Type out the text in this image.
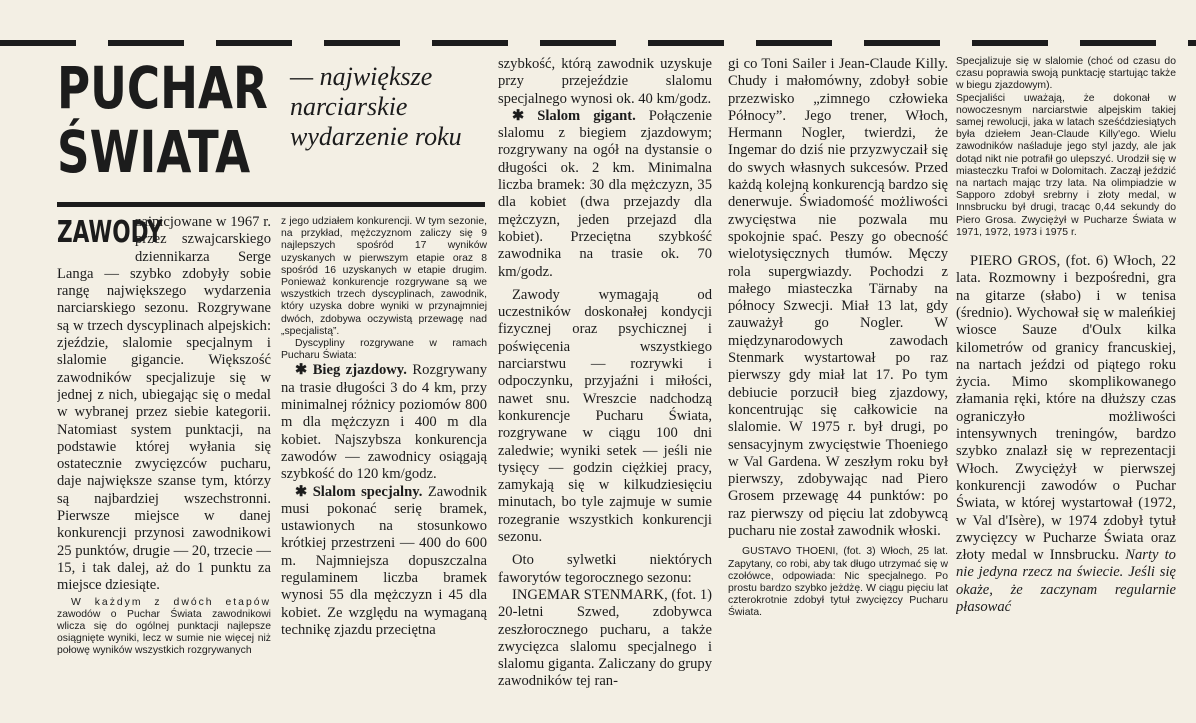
PUCHAR
ŚWIATA
— największe narciarskie wydarzenie roku

ZAWODY
zainicjowane w 1967 r. przez szwajcarskiego dziennikarza Serge Langa — szybko zdobyły sobie rangę największego wydarzenia narciarskiego sezonu. Rozgrywane są w trzech dyscyplinach alpejskich: zjeździe, slalomie specjalnym i slalomie gigancie. Większość zawodników specjalizuje się w jednej z nich, ubiegając się o medal w wybranej przez siebie kategorii. Natomiast system punktacji, na podstawie której wyłania się ostatecznie zwycięzców pucharu, daje największe szanse tym, którzy są najbardziej wszechstronni. Pierwsze miejsce w danej konkurencji przynosi zawodnikowi 25 punktów, drugie — 20, trzecie — 15, i tak dalej, aż do 1 punktu za miejsce dziesiąte.

W każdym z dwóch etapów zawodów o Puchar Świata zawodnikowi wlicza się do ogólnej punktacji najlepsze osiągnięte wyniki, lecz w sumie nie więcej niż połowę wyników wszystkich rozgrywanych

z jego udziałem konkurencji. W tym sezonie, na przykład, mężczyznom zaliczy się 9 najlepszych spośród 17 wyników uzyskanych w pierwszym etapie oraz 8 spośród 16 uzyskanych w etapie drugim. Ponieważ konkurencje rozgrywane są we wszystkich trzech dyscyplinach, zawodnik, który uzyska dobre wyniki w przynajmniej dwóch, zdobywa oczywistą przewagę nad „specjalistą”.

Dyscypliny rozgrywane w ramach Pucharu Świata:

✱ Bieg zjazdowy. Rozgrywany na trasie długości 3 do 4 km, przy minimalnej różnicy poziomów 800 m dla mężczyzn i 400 m dla kobiet. Najszybsza konkurencja zawodów — zawodnicy osiągają szybkość do 120 km/godz.

✱ Slalom specjalny. Zawodnik musi pokonać serię bramek, ustawionych na stosunkowo krótkiej przestrzeni — 400 do 600 m. Najmniejsza dopuszczalna regulaminem liczba bramek wynosi 55 dla mężczyzn i 45 dla kobiet. Ze względu na wymaganą technikę zjazdu przeciętna

szybkość, którą zawodnik uzyskuje przy przejeździe slalomu specjalnego wynosi ok. 40 km/godz.

✱ Slalom gigant. Połączenie slalomu z biegiem zjazdowym; rozgrywany na ogół na dystansie o długości ok. 2 km. Minimalna liczba bramek: 30 dla mężczyzn, 35 dla kobiet (dwa przejazdy dla mężczyzn, jeden przejazd dla kobiet). Przeciętna szybkość zawodnika na trasie ok. 70 km/godz.

Zawody wymagają od uczestników doskonałej kondycji fizycznej oraz psychicznej i poświęcenia wszystkiego narciarstwu — rozrywki i odpoczynku, przyjaźni i miłości, nawet snu. Wreszcie nadchodzą konkurencje Pucharu Świata, rozgrywane w ciągu 100 dni zaledwie; wyniki setek — jeśli nie tysięcy — godzin ciężkiej pracy, zamykają się w kilkudziesięciu minutach, bo tyle zajmuje w sumie rozegranie wszystkich konkurencji sezonu.

Oto sylwetki niektórych faworytów tegorocznego sezonu:

INGEMAR STENMARK, (fot. 1) 20-letni Szwed, zdobywca zeszłorocznego pucharu, a także zwycięzca slalomu specjalnego i slalomu giganta. Zaliczany do grupy zawodników tej ran-

gi co Toni Sailer i Jean-Claude Killy. Chudy i małomówny, zdobył sobie przezwisko „zimnego człowieka Północy”. Jego trener, Włoch, Hermann Nogler, twierdzi, że Ingemar do dziś nie przyzwyczaił się do swych własnych sukcesów. Przed każdą kolejną konkurencją bardzo się denerwuje. Świadomość możliwości zwycięstwa nie pozwala mu spokojnie spać. Peszy go obecność wielotysięcznych tłumów. Męczy rola supergwiazdy. Pochodzi z małego miasteczka Tärnaby na północy Szwecji. Miał 13 lat, gdy zauważył go Nogler. W międzynarodowych zawodach Stenmark wystartował po raz pierwszy gdy miał lat 17. Po tym debiucie porzucił bieg zjazdowy, koncentrując się całkowicie na slalomie. W 1975 r. był drugi, po sensacyjnym zwycięstwie Thoeniego w Val Gardena. W zeszłym roku był pierwszy, zdobywając nad Piero Grosem przewagę 44 punktów: po raz pierwszy od pięciu lat zdobywcą pucharu nie został zawodnik włoski.

GUSTAVO THOENI, (fot. 3) Włoch, 25 lat. Zapytany, co robi, aby tak długo utrzymać się w czołówce, odpowiada: Nic specjalnego. Po prostu bardzo szybko jeżdżę. W ciągu pięciu lat czterokrotnie zdobył tytuł zwycięzcy Pucharu Świata.

Specjalizuje się w slalomie (choć od czasu do czasu poprawia swoją punktację startując także w biegu zjazdowym).

Specjaliści uważają, że dokonał w nowoczesnym narciarstwie alpejskim takiej samej rewolucji, jaka w latach sześćdziesiątych była dziełem Jean-Claude Killy'ego. Wielu zawodników naśladuje jego styl jazdy, ale jak dotąd nikt nie potrafił go ulepszyć. Urodził się w miasteczku Trafoi w Dolomitach. Zaczął jeździć na nartach mając trzy lata. Na olimpiadzie w Sapporo zdobył srebrny i złoty medal, w Innsbrucku był drugi, tracąc 0,44 sekundy do Piero Grosa. Zwyciężył w Pucharze Świata w 1971, 1972, 1973 i 1975 r.

PIERO GROS, (fot. 6) Włoch, 22 lata. Rozmowny i bezpośredni, gra na gitarze (słabo) i w tenisa (średnio). Wychował się w maleńkiej wiosce Sauze d'Oulx kilka kilometrów od granicy francuskiej, na nartach jeździ od piątego roku życia. Mimo skomplikowanego złamania ręki, które na dłuższy czas ograniczyło możliwości intensywnych treningów, bardzo szybko znalazł się w reprezentacji Włoch. Zwyciężył w pierwszej konkurencji zawodów o Puchar Świata, w której wystartował (1972, w Val d'Isère), w 1974 zdobył tytuł zwycięzcy w Pucharze Świata oraz złoty medal w Innsbrucku. Narty to nie jedyna rzecz na świecie. Jeśli się okaże, że zaczynam regularnie płasować
